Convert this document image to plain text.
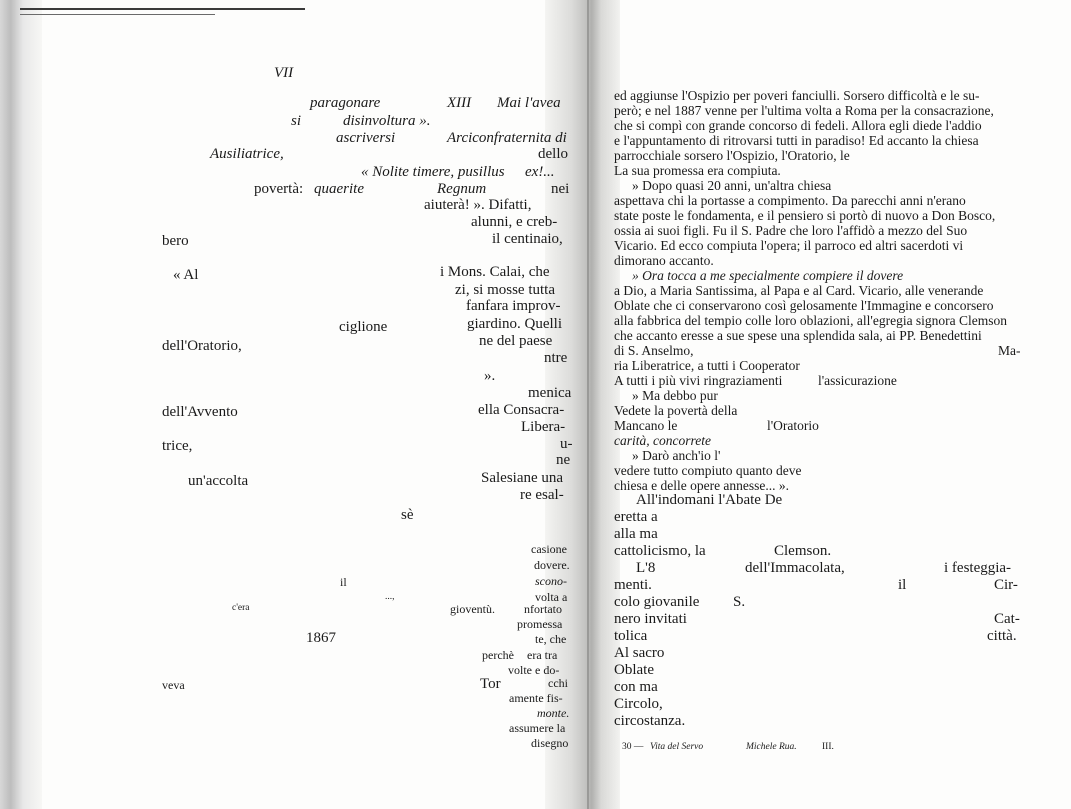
VII
paragonare	XIII Mai l'avea
si	disinvoltura ».
ascriversi	Arciconfraternita di
Ausiliatrice,	dello
« Nolite timere, pusillus ex!...
povertà: quaerite	Regnum	nei
aiuterà! ». Difatti,
alunni, e creb-
bero	il centinaio,
« Al	i Mons. Calai, che
zi, si mosse tutta
fanfara improv-
ciglione	giardino. Quelli
dell'Oratorio,	ne del paese
ntre
».
menica
dell'Avvento	ella Consacra-
Libera-
trice,	u-
ne
un'accolta	Salesiane una
re esal-
sè
casione
dovere.
scono-
il
volta a
...,
c'era	gioventù. nfortato
promessa
1867	te, che
perchè era tra
volte e do-
veva	Tor	cchi
amente fis-
monte.
assumere la
disegno
ed aggiunse l'Ospizio per poveri fanciulli. Sorsero difficoltà e le su-
però; e nel 1887 venne per l'ultima volta a Roma per la consacrazione,
che si compì con grande concorso di fedeli. Allora egli diede l'addio
e l'appuntamento di ritrovarsi tutti in paradiso! Ed accanto la chiesa
parrocchiale sorsero l'Ospizio, l'Oratorio, le
La sua promessa era compiuta.
» Dopo quasi 20 anni, un'altra chiesa
aspettava chi la portasse a compimento. Da parecchi anni n'erano
state poste le fondamenta, e il pensiero si portò di nuovo a Don Bosco,
ossia ai suoi figli. Fu il S. Padre che loro l'affidò a mezzo del Suo
Vicario. Ed ecco compiuta l'opera; il parroco ed altri sacerdoti vi
dimorano accanto.
» Ora tocca a me specialmente compiere il dovere
a Dio, a Maria Santissima, al Papa e al Card. Vicario, alle venerande
Oblate che ci conservarono così gelosamente l'Immagine e concorsero
alla fabbrica del tempio colle loro oblazioni, all'egregia signora Clemson
che accanto eresse a sue spese una splendida sala, ai PP. Benedettini
di S. Anselmo,	Ma-
ria Liberatrice, a tutti i Cooperator
A tutti i più vivi ringraziamenti	l'assicurazione
» Ma debbo pur
Vedete la povertà della
Mancano le	l'Oratorio
carità, concorrete
» Darò anch'io l'
vedere tutto compiuto quanto deve
chiesa e delle opere annesse... ».
All'indomani l'Abate De
eretta a
alla ma
cattolicismo, la	Clemson.
L'8	dell'Immacolata,	i festeggia-
menti.	il	Cir-
colo giovanile S.
nero invitati	Cat-
tolica	città.
Al sacro
Oblate
con ma
Circolo,
circostanza.
30 — Vita del Servo	Michele Rua.	III.
